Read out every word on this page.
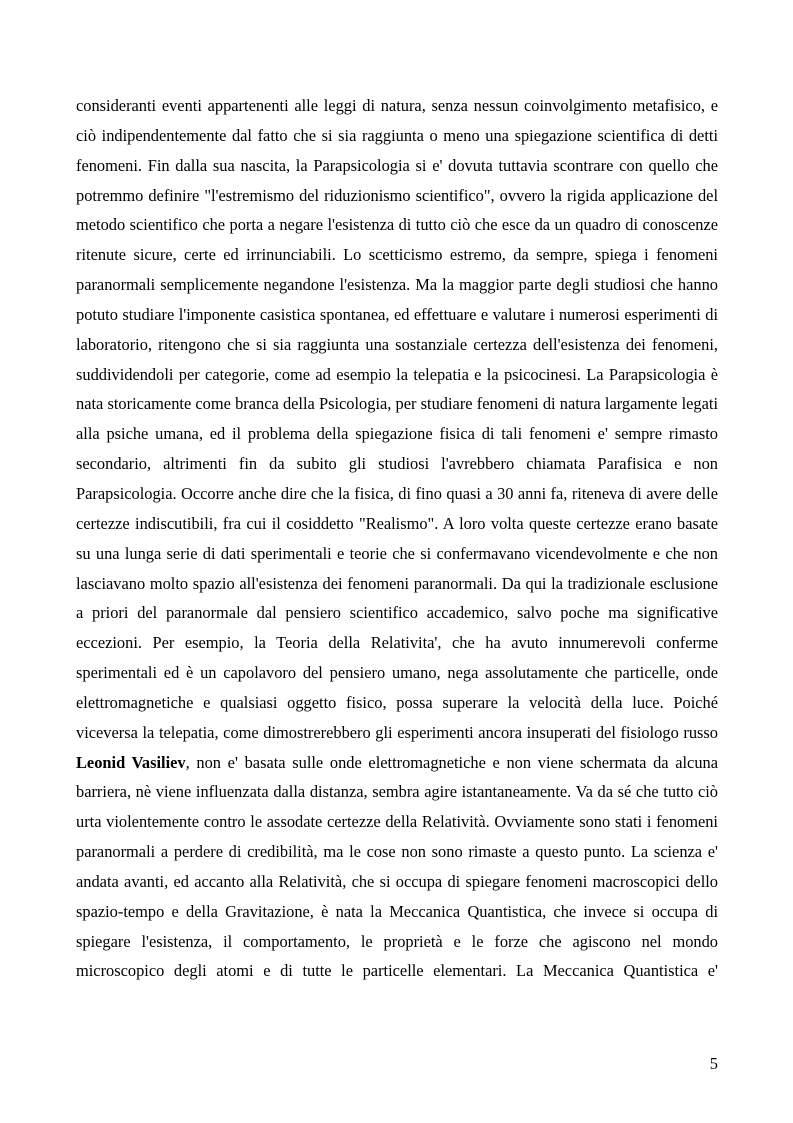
consideranti eventi appartenenti alle leggi di natura, senza nessun coinvolgimento metafisico, e ciò indipendentemente dal fatto che si sia raggiunta o meno una spiegazione scientifica di detti fenomeni. Fin dalla sua nascita, la Parapsicologia si e' dovuta tuttavia scontrare con quello che potremmo definire "l'estremismo del riduzionismo scientifico", ovvero la rigida applicazione del metodo scientifico che porta a negare l'esistenza di tutto ciò che esce da un quadro di conoscenze ritenute sicure, certe ed irrinunciabili. Lo scetticismo estremo, da sempre, spiega i fenomeni paranormali semplicemente negandone l'esistenza. Ma la maggior parte degli studiosi che hanno potuto studiare l'imponente casistica spontanea, ed effettuare e valutare i numerosi esperimenti di laboratorio, ritengono che si sia raggiunta una sostanziale certezza dell'esistenza dei fenomeni, suddividendoli per categorie, come ad esempio la telepatia e la psicocinesi. La Parapsicologia è nata storicamente come branca della Psicologia, per studiare fenomeni di natura largamente legati alla psiche umana, ed il problema della spiegazione fisica di tali fenomeni e' sempre rimasto secondario, altrimenti fin da subito gli studiosi l'avrebbero chiamata Parafisica e non Parapsicologia. Occorre anche dire che la fisica, di fino quasi a 30 anni fa, riteneva di avere delle certezze indiscutibili, fra cui il cosiddetto "Realismo". A loro volta queste certezze erano basate su una lunga serie di dati sperimentali e teorie che si confermavano vicendevolmente e che non lasciavano molto spazio all'esistenza dei fenomeni paranormali. Da qui la tradizionale esclusione a priori del paranormale dal pensiero scientifico accademico, salvo poche ma significative eccezioni. Per esempio, la Teoria della Relativita', che ha avuto innumerevoli conferme sperimentali ed è un capolavoro del pensiero umano, nega assolutamente che particelle, onde elettromagnetiche e qualsiasi oggetto fisico, possa superare la velocità della luce. Poiché viceversa la telepatia, come dimostrerebbero gli esperimenti ancora insuperati del fisiologo russo Leonid Vasiliev, non e' basata sulle onde elettromagnetiche e non viene schermata da alcuna barriera, nè viene influenzata dalla distanza, sembra agire istantaneamente. Va da sé che tutto ciò urta violentemente contro le assodate certezze della Relatività. Ovviamente sono stati i fenomeni paranormali a perdere di credibilità, ma le cose non sono rimaste a questo punto. La scienza e' andata avanti, ed accanto alla Relatività, che si occupa di spiegare fenomeni macroscopici dello spazio-tempo e della Gravitazione, è nata la Meccanica Quantistica, che invece si occupa di spiegare l'esistenza, il comportamento, le proprietà e le forze che agiscono nel mondo microscopico degli atomi e di tutte le particelle elementari. La Meccanica Quantistica e'

5
